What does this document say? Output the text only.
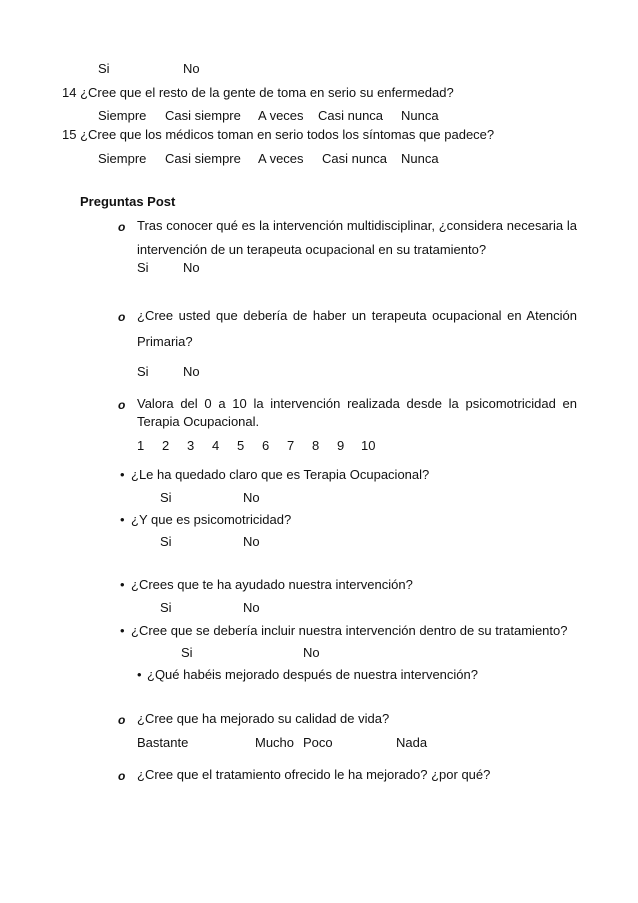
Si	No
14 ¿Cree que el resto de la gente de toma en serio su enfermedad?
Siempre Casi siempre A veces Casi nunca Nunca
15 ¿Cree que los médicos toman en serio todos los síntomas que padece?
Siempre Casi siempre A veces Casi nunca Nunca
Preguntas Post
o Tras conocer qué es la intervención multidisciplinar, ¿considera necesaria la
intervención de un terapeuta ocupacional en su tratamiento?
Si	No
o ¿Cree usted que debería de haber un terapeuta ocupacional en Atención
Primaria?
Si	No
o Valora del 0 a 10 la intervención realizada desde la psicomotricidad en
Terapia Ocupacional.
1 2 3 4 5 6 7 8 9 10
• ¿Le ha quedado claro que es Terapia Ocupacional?
Si	No
• ¿Y que es psicomotricidad?
Si	No
• ¿Crees que te ha ayudado nuestra intervención?
Si	No
• ¿Cree que se debería incluir nuestra intervención dentro de su tratamiento?
Si	No
• ¿Qué habéis mejorado después de nuestra intervención?
o ¿Cree que ha mejorado su calidad de vida?
Bastante	Mucho Poco	Nada
o ¿Cree que el tratamiento ofrecido le ha mejorado? ¿por qué?
